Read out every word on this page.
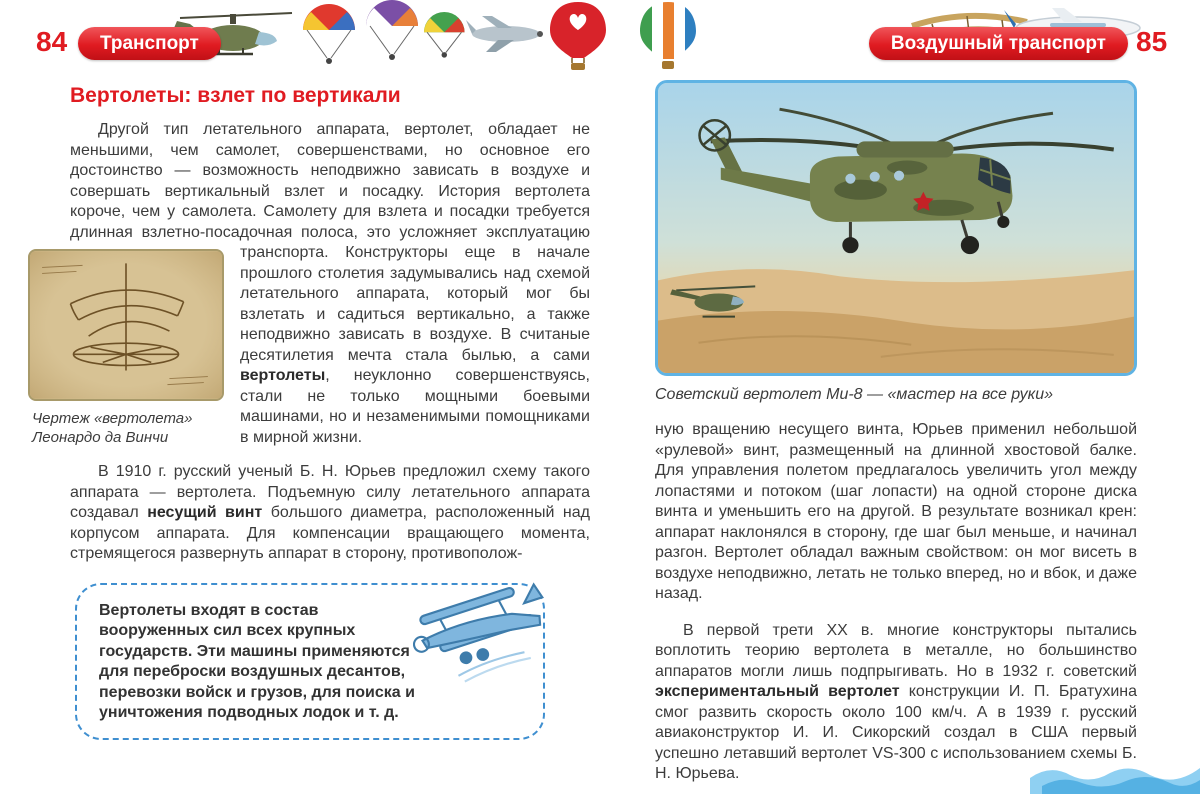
84	85
Транспорт	Воздушный транспорт
Вертолеты: взлет по вертикали

Другой тип летательного аппарата, вертолет, обладает не меньшими, чем самолет, совершенствами, но основное его достоинство — возможность неподвижно зависать в воздухе и совершать вертикальный взлет и посадку. История вертолета короче, чем у самолета. Самолету для взлета и посадки требуется длинная взлетно-посадочная полоса, это усложняет
Чертеж «вертолета»
Леонардо да Винчи
эксплуатацию транспорта. Конструкторы еще в начале прошлого столетия задумывались над схемой летательного аппарата, который мог бы взлетать и садиться вертикально, а также неподвижно зависать в воздухе. В считаные десятилетия мечта стала былью, а сами вертолеты, неуклонно совершенствуясь, стали не только мощными боевыми машинами, но и незаменимыми помощниками в мирной жизни.

В 1910 г. русский ученый Б. Н. Юрьев предложил схему такого аппарата — вертолета. Подъемную силу летательного аппарата создавал несущий винт большого диаметра, расположенный над корпусом аппарата. Для компенсации вращающего момента, стремящегося развернуть аппарат в сторону, противополож-

Вертолеты входят в состав вооруженных сил всех крупных государств. Эти машины применяются для переброски воздушных десантов, перевозки войск и грузов, для поиска и уничтожения подводных лодок и т. д.
Советский вертолет Ми-8 — «мастер на все руки»

ную вращению несущего винта, Юрьев применил небольшой «рулевой» винт, размещенный на длинной хвостовой балке. Для управления полетом предлагалось увеличить угол между лопастями и потоком (шаг лопасти) на одной стороне диска винта и уменьшить его на другой. В результате возникал крен: аппарат наклонялся в сторону, где шаг был меньше, и начинал разгон. Вертолет обладал важным свойством: он мог висеть в воздухе неподвижно, летать не только вперед, но и вбок, и даже назад.

В первой трети XX в. многие конструкторы пытались воплотить теорию вертолета в металле, но большинство аппаратов могли лишь подпрыгивать. Но в 1932 г. советский экспериментальный вертолет конструкции И. П. Братухина смог развить скорость около 100 км/ч. А в 1939 г. русский авиаконструктор И. И. Сикорский создал в США первый успешно летавший вертолет VS-300 с использованием схемы Б. Н. Юрьева.
